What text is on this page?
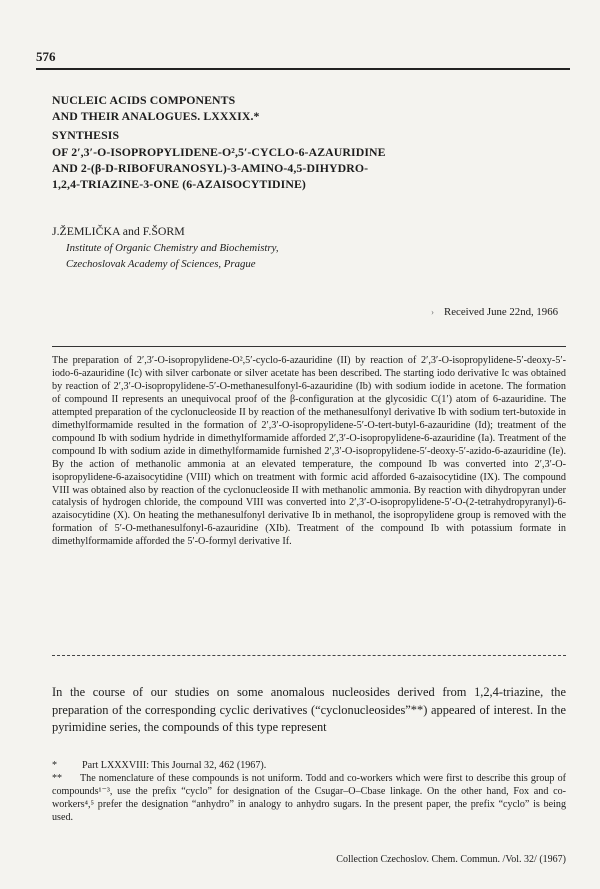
576
NUCLEIC ACIDS COMPONENTS
AND THEIR ANALOGUES. LXXXIX.*
SYNTHESIS
OF 2′,3′-O-ISOPROPYLIDENE-O²,5′-CYCLO-6-AZAURIDINE
AND 2-(β-D-RIBOFURANOSYL)-3-AMINO-4,5-DIHYDRO-
1,2,4-TRIAZINE-3-ONE (6-AZAISOCYTIDINE)
J.ŽEMLIČKA and F.ŠORM
Institute of Organic Chemistry and Biochemistry,
Czechoslovak Academy of Sciences, Prague
› Received June 22nd, 1966
The preparation of 2′,3′-O-isopropylidene-O²,5′-cyclo-6-azauridine (II) by reaction of 2′,3′-O-isopropylidene-5′-deoxy-5′-iodo-6-azauridine (Ic) with silver carbonate or silver acetate has been described. The starting iodo derivative Ic was obtained by reaction of 2′,3′-O-isopropylidene-5′-O-methanesulfonyl-6-azauridine (Ib) with sodium iodide in acetone. The formation of compound II represents an unequivocal proof of the β-configuration at the glycosidic C(1′) atom of 6-azauridine. The attempted preparation of the cyclonucleoside II by reaction of the methanesulfonyl derivative Ib with sodium tert-butoxide in dimethylformamide resulted in the formation of 2′,3′-O-isopropylidene-5′-O-tert-butyl-6-azauridine (Id); treatment of the compound Ib with sodium hydride in dimethylformamide afforded 2′,3′-O-isopropylidene-6-azauridine (Ia). Treatment of the compound Ib with sodium azide in dimethylformamide furnished 2′,3′-O-isopropylidene-5′-deoxy-5′-azido-6-azauridine (Ie). By the action of methanolic ammonia at an elevated temperature, the compound Ib was converted into 2′,3′-O-isopropylidene-6-azaisocytidine (VIII) which on treatment with formic acid afforded 6-azaisocytidine (IX). The compound VIII was obtained also by reaction of the cyclonucleoside II with methanolic ammonia. By reaction with dihydropyran under catalysis of hydrogen chloride, the compound VIII was converted into 2′,3′-O-isopropylidene-5′-O-(2-tetrahydropyranyl)-6-azaisocytidine (X). On heating the methanesulfonyl derivative Ib in methanol, the isopropylidene group is removed with the formation of 5′-O-methanesulfonyl-6-azauridine (XIb). Treatment of the compound Ib with potassium formate in dimethylformamide afforded the 5′-O-formyl derivative If.
In the course of our studies on some anomalous nucleosides derived from 1,2,4-triazine, the preparation of the corresponding cyclic derivatives (“cyclonucleosides”**) appeared of interest. In the pyrimidine series, the compounds of this type represent
* Part LXXXVIII: This Journal 32, 462 (1967).
** The nomenclature of these compounds is not uniform. Todd and co-workers which were first to describe this group of compounds¹⁻³, use the prefix “cyclo” for designation of the Csugar–O–Cbase linkage. On the other hand, Fox and co-workers⁴,⁵ prefer the designation “anhydro” in analogy to anhydro sugars. In the present paper, the prefix “cyclo” is being used.
Collection Czechoslov. Chem. Commun. /Vol. 32/ (1967)
